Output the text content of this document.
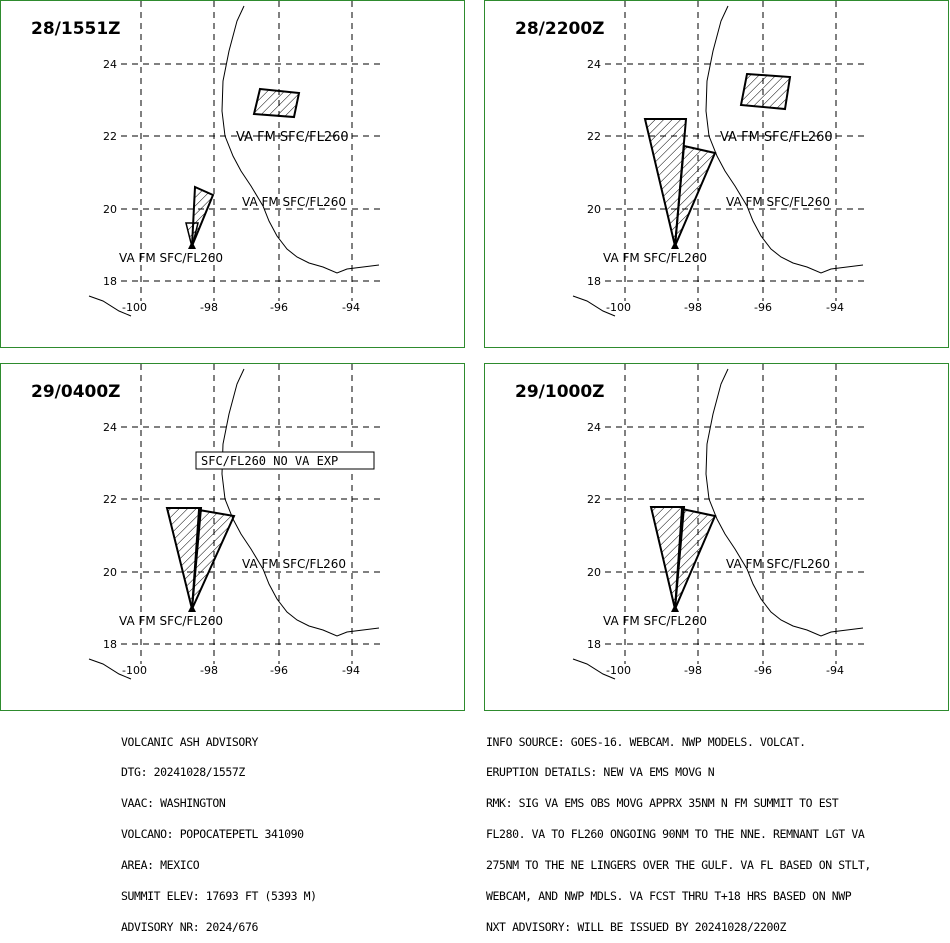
28/1551Z
24
22
20
18
-100	-98	-96	-94
VA FM SFC/FL260
VA FM SFC/FL260
VA FM SFC/FL260
28/2200Z
24
22
20
18
-100	-98	-96	-94
VA FM SFC/FL260
VA FM SFC/FL260
VA FM SFC/FL260
29/0400Z
24
22
20
18
-100	-98	-96	-94
SFC/FL260 NO VA EXP
VA FM SFC/FL260
VA FM SFC/FL260
29/1000Z
24
22
20
18
-100	-98	-96	-94
VA FM SFC/FL260
VA FM SFC/FL260

VOLCANIC ASH ADVISORY

DTG: 20241028/1557Z

VAAC: WASHINGTON

VOLCANO: POPOCATEPETL 341090

AREA: MEXICO

SUMMIT ELEV: 17693 FT (5393 M)

ADVISORY NR: 2024/676

INFO SOURCE: GOES-16. WEBCAM. NWP MODELS. VOLCAT.

ERUPTION DETAILS: NEW VA EMS MOVG N

RMK: SIG VA EMS OBS MOVG APPRX 35NM N FM SUMMIT TO EST

FL280. VA TO FL260 ONGOING 90NM TO THE NNE. REMNANT LGT VA

275NM TO THE NE LINGERS OVER THE GULF. VA FL BASED ON STLT,

WEBCAM, AND NWP MDLS. VA FCST THRU T+18 HRS BASED ON NWP

NXT ADVISORY: WILL BE ISSUED BY 20241028/2200Z
